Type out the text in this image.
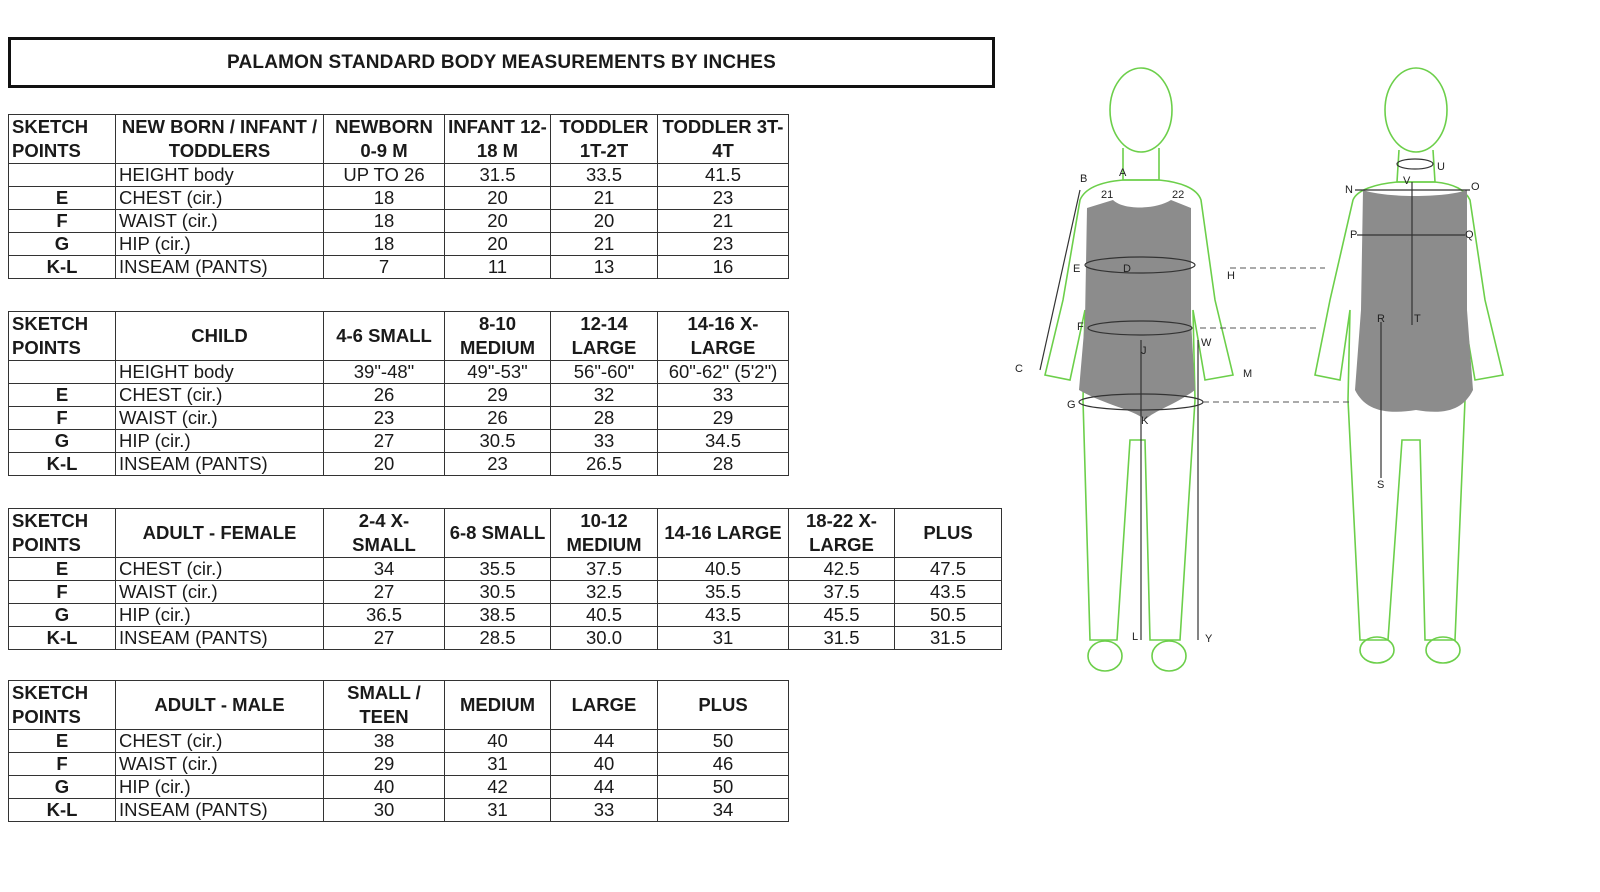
PALAMON STANDARD BODY MEASUREMENTS BY INCHES
SKETCH POINTS	NEW BORN / INFANT / TODDLERS	NEWBORN 0-9 M	INFANT 12-18 M	TODDLER 1T-2T	TODDLER 3T-4T
	HEIGHT body	UP TO 26	31.5	33.5	41.5
E	CHEST (cir.)	18	20	21	23
F	WAIST (cir.)	18	20	20	21
G	HIP (cir.)	18	20	21	23
K-L	INSEAM (PANTS)	7	11	13	16
SKETCH POINTS	CHILD	4-6 SMALL	8-10 MEDIUM	12-14 LARGE	14-16 X-LARGE
	HEIGHT body	39"-48"	49"-53"	56"-60"	60"-62" (5'2")
E	CHEST (cir.)	26	29	32	33
F	WAIST (cir.)	23	26	28	29
G	HIP (cir.)	27	30.5	33	34.5
K-L	INSEAM (PANTS)	20	23	26.5	28
SKETCH POINTS	ADULT - FEMALE	2-4 X-SMALL	6-8 SMALL	10-12 MEDIUM	14-16 LARGE	18-22 X-LARGE	PLUS
E	CHEST (cir.)	34	35.5	37.5	40.5	42.5	47.5
F	WAIST (cir.)	27	30.5	32.5	35.5	37.5	43.5
G	HIP (cir.)	36.5	38.5	40.5	43.5	45.5	50.5
K-L	INSEAM (PANTS)	27	28.5	30.0	31	31.5	31.5
SKETCH POINTS	ADULT - MALE	SMALL / TEEN	MEDIUM	LARGE	PLUS
E	CHEST (cir.)	38	40	44	50
F	WAIST (cir.)	29	31	40	46
G	HIP (cir.)	40	42	44	50
K-L	INSEAM (PANTS)	30	31	33	34
A
B
C
D
E
F
G
H
J
K
L
M
W
Y
21	22	N	O
P	Q
R
S
T
U
V
